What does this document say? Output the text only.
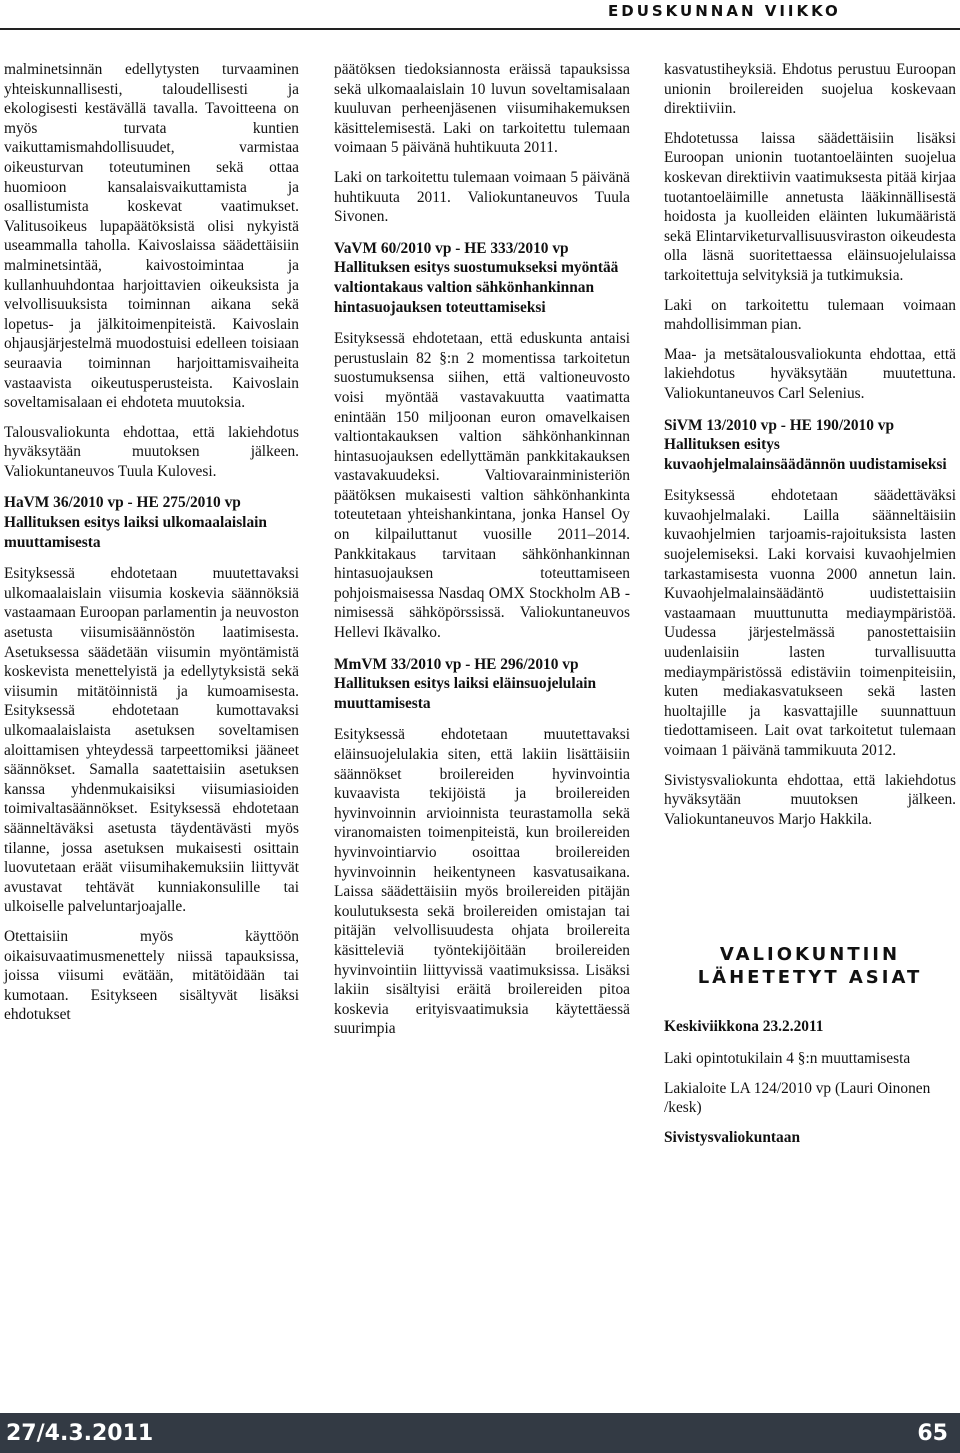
EDUSKUNNAN VIIKKO

malminetsinnän edellytysten turvaaminen yhteiskunnallisesti, taloudellisesti ja ekologisesti kestävällä tavalla. Tavoitteena on myös turvata kuntien vaikuttamismahdollisuudet, varmistaa oikeusturvan toteutuminen sekä ottaa huomioon kansalaisvaikuttamista ja osallistumista koskevat vaatimukset. Valitusoikeus lupapäätöksistä olisi nykyistä useammalla taholla. Kaivoslaissa säädettäisiin malminetsintää, kaivostoimintaa ja kullanhuuhdontaa harjoittavien oikeuksista ja velvollisuuksista toiminnan aikana sekä lopetus- ja jälkitoimenpiteistä. Kaivoslain ohjausjärjestelmä muodostuisi edelleen toisiaan seuraavia toiminnan harjoittamisvaiheita vastaavista oikeutusperusteista. Kaivoslain soveltamisalaan ei ehdoteta muutoksia.

Talousvaliokunta ehdottaa, että lakiehdotus hyväksytään muutoksen jälkeen. Valiokuntaneuvos Tuula Kulovesi.

HaVM 36/2010 vp - HE 275/2010 vp Hallituksen esitys laiksi ulkomaalaislain muuttamisesta

Esityksessä ehdotetaan muutettavaksi ulkomaalaislain viisumia koskevia säännöksiä vastaamaan Euroopan parlamentin ja neuvoston asetusta viisumisäännöstön laatimisesta. Asetuksessa säädetään viisumin myöntämistä koskevista menettelyistä ja edellytyksistä sekä viisumin mitätöinnistä ja kumoamisesta. Esityksessä ehdotetaan kumottavaksi ulkomaalaislaista asetuksen soveltamisen aloittamisen yhteydessä tarpeettomiksi jääneet säännökset. Samalla saatettaisiin asetuksen kanssa yhdenmukaisiksi viisumiasioiden toimivaltasäännökset. Esityksessä ehdotetaan säänneltäväksi asetusta täydentävästi myös tilanne, jossa asetuksen mukaisesti osittain luovutetaan eräät viisumihakemuksiin liittyvät avustavat tehtävät kunniakonsulille tai ulkoiselle palveluntarjoajalle.

Otettaisiin myös käyttöön oikaisuvaatimusmenettely niissä tapauksissa, joissa viisumi evätään, mitätöidään tai kumotaan. Esitykseen sisältyvät lisäksi ehdotukset

päätöksen tiedoksiannosta eräissä tapauksissa sekä ulkomaalaislain 10 luvun soveltamisalaan kuuluvan perheenjäsenen viisumihakemuksen käsittelemisestä. Laki on tarkoitettu tulemaan voimaan 5 päivänä huhtikuuta 2011.

Laki on tarkoitettu tulemaan voimaan 5 päivänä huhtikuuta 2011. Valiokuntaneuvos Tuula Sivonen.

VaVM 60/2010 vp - HE 333/2010 vp Hallituksen esitys suostumukseksi myöntää valtiontakaus valtion sähkönhankinnan hintasuojauksen toteuttamiseksi

Esityksessä ehdotetaan, että eduskunta antaisi perustuslain 82 §:n 2 momentissa tarkoitetun suostumuksensa siihen, että valtioneuvosto voisi myöntää vastavakuutta vaatimatta enintään 150 miljoonan euron omavelkaisen valtiontakauksen valtion sähkönhankinnan hintasuojauksen edellyttämän pankkitakauksen vastavakuudeksi. Valtiovarainministeriön päätöksen mukaisesti valtion sähkönhankinta toteutetaan yhteishankintana, jonka Hansel Oy on kilpailuttanut vuosille 2011–2014. Pankkitakaus tarvitaan sähkönhankinnan hintasuojauksen toteuttamiseen pohjoismaisessa Nasdaq OMX Stockholm AB -nimisessä sähköpörssissä. Valiokuntaneuvos Hellevi Ikävalko.

MmVM 33/2010 vp - HE 296/2010 vp Hallituksen esitys laiksi eläinsuojelulain muuttamisesta

Esityksessä ehdotetaan muutettavaksi eläinsuojelulakia siten, että lakiin lisättäisiin säännökset broilereiden hyvinvointia kuvaavista tekijöistä ja broilereiden hyvinvoinnin arvioinnista teurastamolla sekä viranomaisten toimenpiteistä, kun broilereiden hyvinvointiarvio osoittaa broilereiden hyvinvoinnin heikentyneen kasvatusaikana. Laissa säädettäisiin myös broilereiden pitäjän koulutuksesta sekä broilereiden omistajan tai pitäjän velvollisuudesta ohjata broilereita käsitteleviä työntekijöitään broilereiden hyvinvointiin liittyvissä vaatimuksissa. Lisäksi lakiin sisältyisi eräitä broilereiden pitoa koskevia erityisvaatimuksia käytettäessä suurimpia

kasvatustiheyksiä. Ehdotus perustuu Euroopan unionin broilereiden suojelua koskevaan direktiiviin.

Ehdotetussa laissa säädettäisiin lisäksi Euroopan unionin tuotantoeläinten suojelua koskevan direktiivin vaatimuksesta pitää kirjaa tuotantoeläimille annetusta lääkinnällisestä hoidosta ja kuolleiden eläinten lukumääristä sekä Elintarviketurvallisuusviraston oikeudesta olla läsnä suoritettaessa eläinsuojelulaissa tarkoitettuja selvityksiä ja tutkimuksia.

Laki on tarkoitettu tulemaan voimaan mahdollisimman pian.

Maa- ja metsätalousvaliokunta ehdottaa, että lakiehdotus hyväksytään muutettuna. Valiokuntaneuvos Carl Selenius.

SiVM 13/2010 vp - HE 190/2010 vp Hallituksen esitys kuvaohjelmalainsäädännön uudistamiseksi

Esityksessä ehdotetaan säädettäväksi kuvaohjelmalaki. Lailla säänneltäisiin kuvaohjelmien tarjoamis-rajoituksista lasten suojelemiseksi. Laki korvaisi kuvaohjelmien tarkastamisesta vuonna 2000 annetun lain. Kuvaohjelmalainsäädäntö uudistettaisiin vastaamaan muuttunutta mediaympäristöä. Uudessa järjestelmässä panostettaisiin uudenlaisiin lasten turvallisuutta mediaympäristössä edistäviin toimenpiteisiin, kuten mediakasvatukseen sekä lasten huoltajille ja kasvattajille suunnattuun tiedottamiseen. Lait ovat tarkoitetut tulemaan voimaan 1 päivänä tammikuuta 2012.

Sivistysvaliokunta ehdottaa, että lakiehdotus hyväksytään muutoksen jälkeen. Valiokuntaneuvos Marjo Hakkila.

VALIOKUNTIIN
LÄHETETYT ASIAT

Keskiviikkona 23.2.2011

Laki opintotukilain 4 §:n muuttamisesta

Lakialoite LA 124/2010 vp (Lauri Oinonen /kesk)

Sivistysvaliokuntaan

27/4.3.2011	65
